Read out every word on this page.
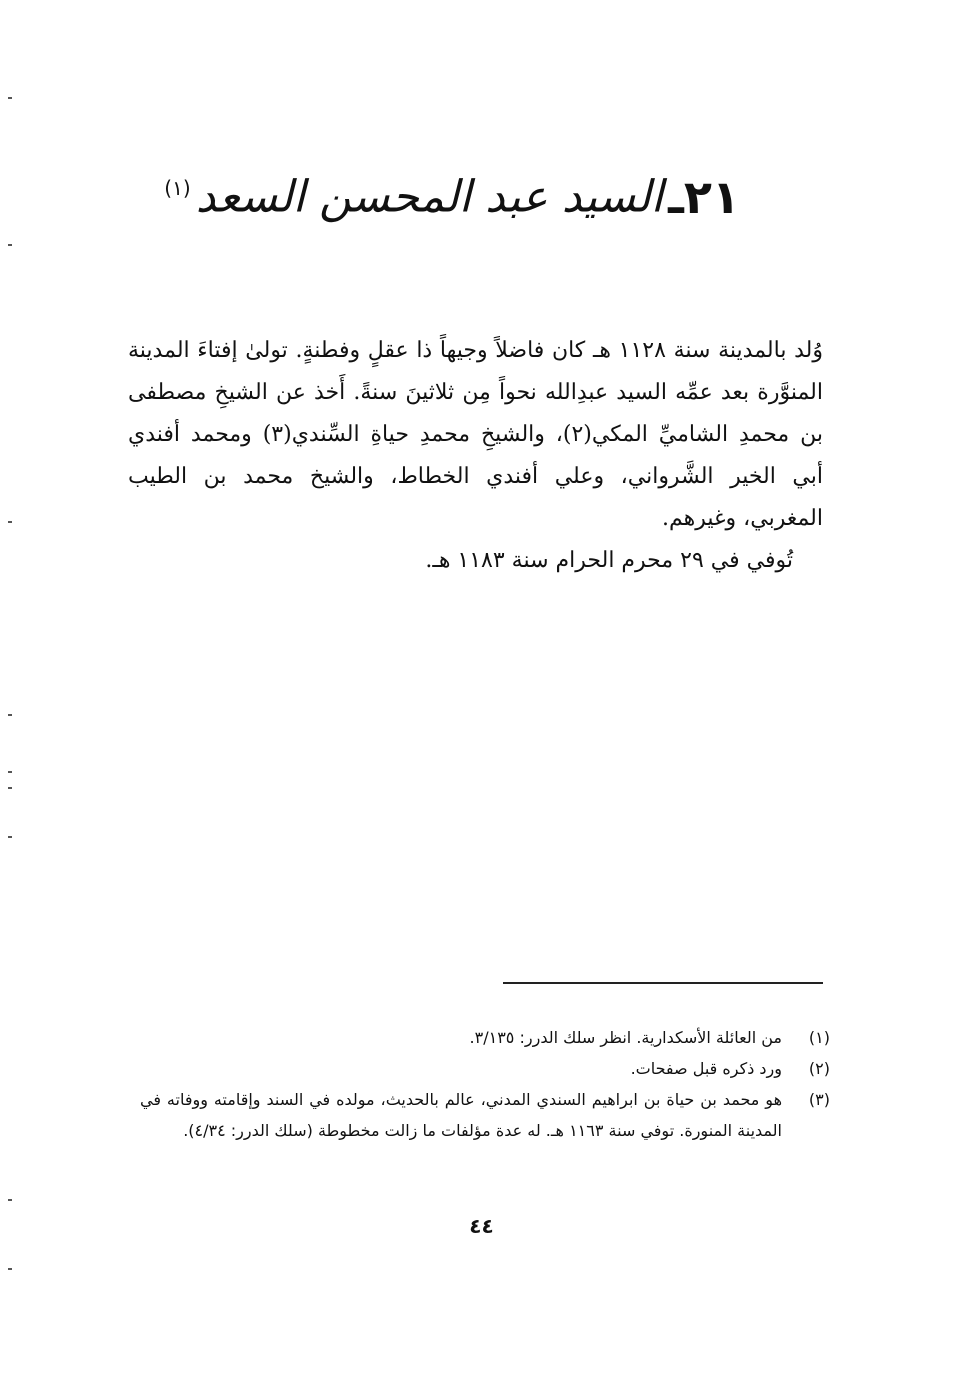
٢١ـ السيد عبد المحسن السعد (١)

وُلد بالمدينة سنة ١١٢٨ هـ كان فاضلاً وجيهاً ذا عقلٍ وفطنةٍ. تولىٰ إفتاءَ المدينة المنوَّرة بعد عمِّه السيد عبدِالله نحواً مِن ثلاثينَ سنةً. أَخذ عن الشيخِ مصطفى بن محمدِ الشاميِّ المكي(٢)، والشيخِ محمدِ حياةِ السِّندي(٣) ومحمد أفندي أبي الخير الشَّرواني، وعلي أفندي الخطاط، والشيخ محمد بن الطيب المغربي، وغيرهم.

تُوفي في ٢٩ محرم الحرام سنة ١١٨٣ هـ.

(١)
من العائلة الأسكدارية. انظر سلك الدرر: ٣/١٣٥.
(٢)
ورد ذكره قبل صفحات.
(٣)
هو محمد بن حياة بن ابراهيم السندي المدني، عالم بالحديث، مولده في السند وإقامته ووفاته في المدينة المنورة. توفي سنة ١١٦٣ هـ. له عدة مؤلفات ما زالت مخطوطة (سلك الدرر: ٤/٣٤).
٤٤
